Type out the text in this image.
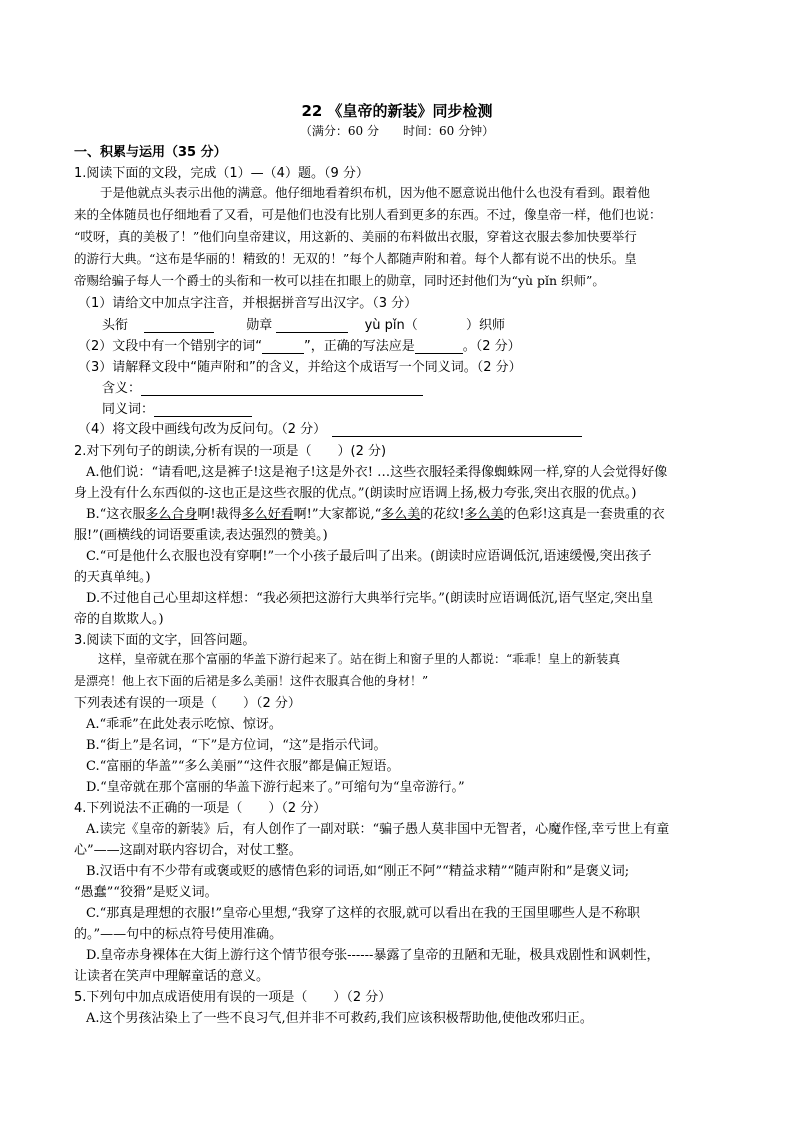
22 《皇帝的新装》同步检测
（满分：60 分　　时间：60 分钟）
一、积累与运用（35 分）
1.阅读下面的文段，完成（1）—（4）题。（9 分）
于是他就点头表示出他的满意。他仔细地看着织布机，因为他不愿意说出他什么也没有看到。跟着他
来的全体随员也仔细地看了又看，可是他们也没有比别人看到更多的东西。不过，像皇帝一样，他们也说：
“哎呀，真的美极了！”他们向皇帝建议，用这新的、美丽的布料做出衣服，穿着这衣服去参加快要举行
的游行大典。“这布是华丽的！精致的！无双的！”每个人都随声附和着。每个人都有说不出的快乐。皇
帝赐给骗子每人一个爵士的头衔和一枚可以挂在扣眼上的勋章，同时还封他们为“yù pǐn 织师”。
（1）请给文中加点字注音，并根据拼音写出汉字。（3 分）
头衔	勋章	yù pǐn（	）织师
（2）文段中有一个错别字的词“	”，正确的写法应是	。（2 分）
（3）请解释文段中“随声附和”的含义，并给这个成语写一个同义词。（2 分）
含义：
同义词：
（4）将文段中画线句改为反问句。（2 分）
2.对下列句子的朗读,分析有误的一项是（　　）(2 分)
A.他们说：“请看吧,这是裤子!这是袍子!这是外衣! …这些衣服轻柔得像蜘蛛网一样,穿的人会觉得好像
身上没有什么东西似的-这也正是这些衣服的优点。”(朗读时应语调上扬,极力夸张,突出衣服的优点。)
B.“这衣服多么合身啊!裁得多么好看啊!”大家都说,“多么美的花纹!多么美的色彩!这真是一套贵重的衣
服!”(画横线的词语要重读,表达强烈的赞美。)
C.“可是他什么衣服也没有穿啊!”一个小孩子最后叫了出来。(朗读时应语调低沉,语速缓慢,突出孩子
的天真单纯。)
D.不过他自己心里却这样想：“我必须把这游行大典举行完毕。”(朗读时应语调低沉,语气坚定,突出皇
帝的自欺欺人。)
3.阅读下面的文字，回答问题。
这样，皇帝就在那个富丽的华盖下游行起来了。站在街上和窗子里的人都说：“乖乖！皇上的新装真
是漂亮！他上衣下面的后裙是多么美丽！这件衣服真合他的身材！”
下列表述有误的一项是（　　）（2 分）
A.“乖乖”在此处表示吃惊、惊讶。
B.“街上”是名词，“下”是方位词，“这”是指示代词。
C.“富丽的华盖”“多么美丽”“这件衣服”都是偏正短语。
D.“皇帝就在那个富丽的华盖下游行起来了。”可缩句为“皇帝游行。”
4.下列说法不正确的一项是（　　）（2 分）
A.读完《皇帝的新装》后，有人创作了一副对联：“骗子愚人莫非国中无智者，心魔作怪,幸亏世上有童
心”——这副对联内容切合，对仗工整。
B.汉语中有不少带有或褒或贬的感情色彩的词语,如“刚正不阿”“精益求精”“随声附和”是褒义词;
“愚蠢”“狡猾”是贬义词。
C.“那真是理想的衣服!”皇帝心里想,“我穿了这样的衣服,就可以看出在我的王国里哪些人是不称职
的。”——句中的标点符号使用准确。
D.皇帝赤身裸体在大街上游行这个情节很夸张------暴露了皇帝的丑陋和无耻，极具戏剧性和讽刺性，
让读者在笑声中理解童话的意义。
5.下列句中加点成语使用有误的一项是（　　）（2 分）
A.这个男孩沾染上了一些不良习气,但并非不可救药,我们应该积极帮助他,使他改邪归正。
